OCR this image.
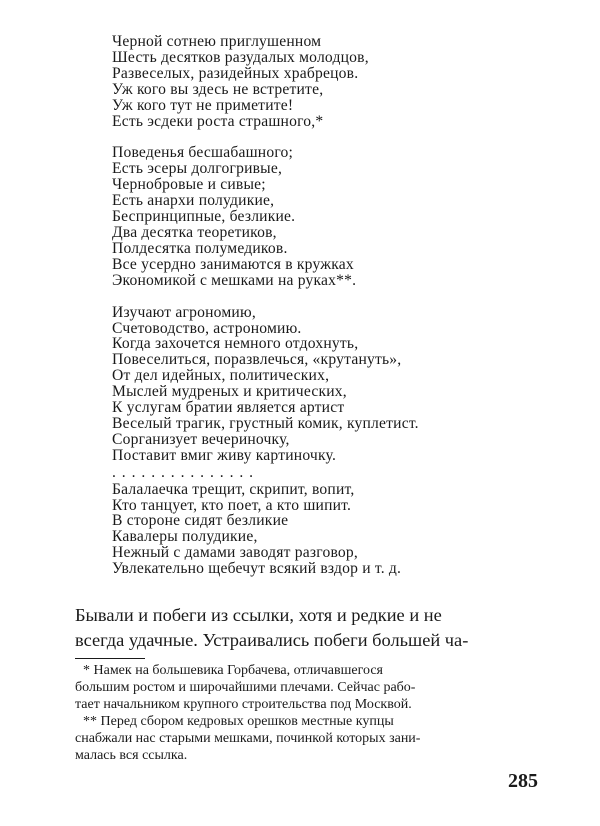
Черной сотнею приглушенном
Шесть десятков разудалых молодцов,
Развеселых, разидейных храбрецов.
Уж кого вы здесь не встретите,
Уж кого тут не приметите!
Есть эсдеки роста страшного,*
Поведенья бесшабашного;
Есть эсеры долгогривые,
Чернобровые и сивые;
Есть анархи полудикие,
Беспринципные, безликие.
Два десятка теоретиков,
Полдесятка полумедиков.
Все усердно занимаются в кружках
Экономикой с мешками на руках**.
Изучают агрономию,
Счетоводство, астрономию.
Когда захочется немного отдохнуть,
Повеселиться, поразвлечься, «крутануть»,
От дел идейных, политических,
Мыслей мудреных и критических,
К услугам братии является артист
Веселый трагик, грустный комик, куплетист.
Сорганизует вечериночку,
Поставит вмиг живу картиночку.
. . . . . . . . . . . . . . .
Балалаечка трещит, скрипит, вопит,
Кто танцует, кто поет, а кто шипит.
В сторонe сидят безликие
Кавалеры полудикие,
Нежный с дамами заводят разговор,
Увлекательно щебечут всякий вздор и т. д.
Бывали и побеги из ссылки, хотя и редкие и не
всегда удачные. Устраивались побеги большей ча-
* Намек на большевика Горбачева, отличавшегося
большим ростом и широчайшими плечами. Сейчас рабо-
тает начальником крупного строительства под Москвой.
** Перед сбором кедровых орешков местные купцы
снабжали нас старыми мешками, починкой которых зани-
малась вся ссылка.
285
